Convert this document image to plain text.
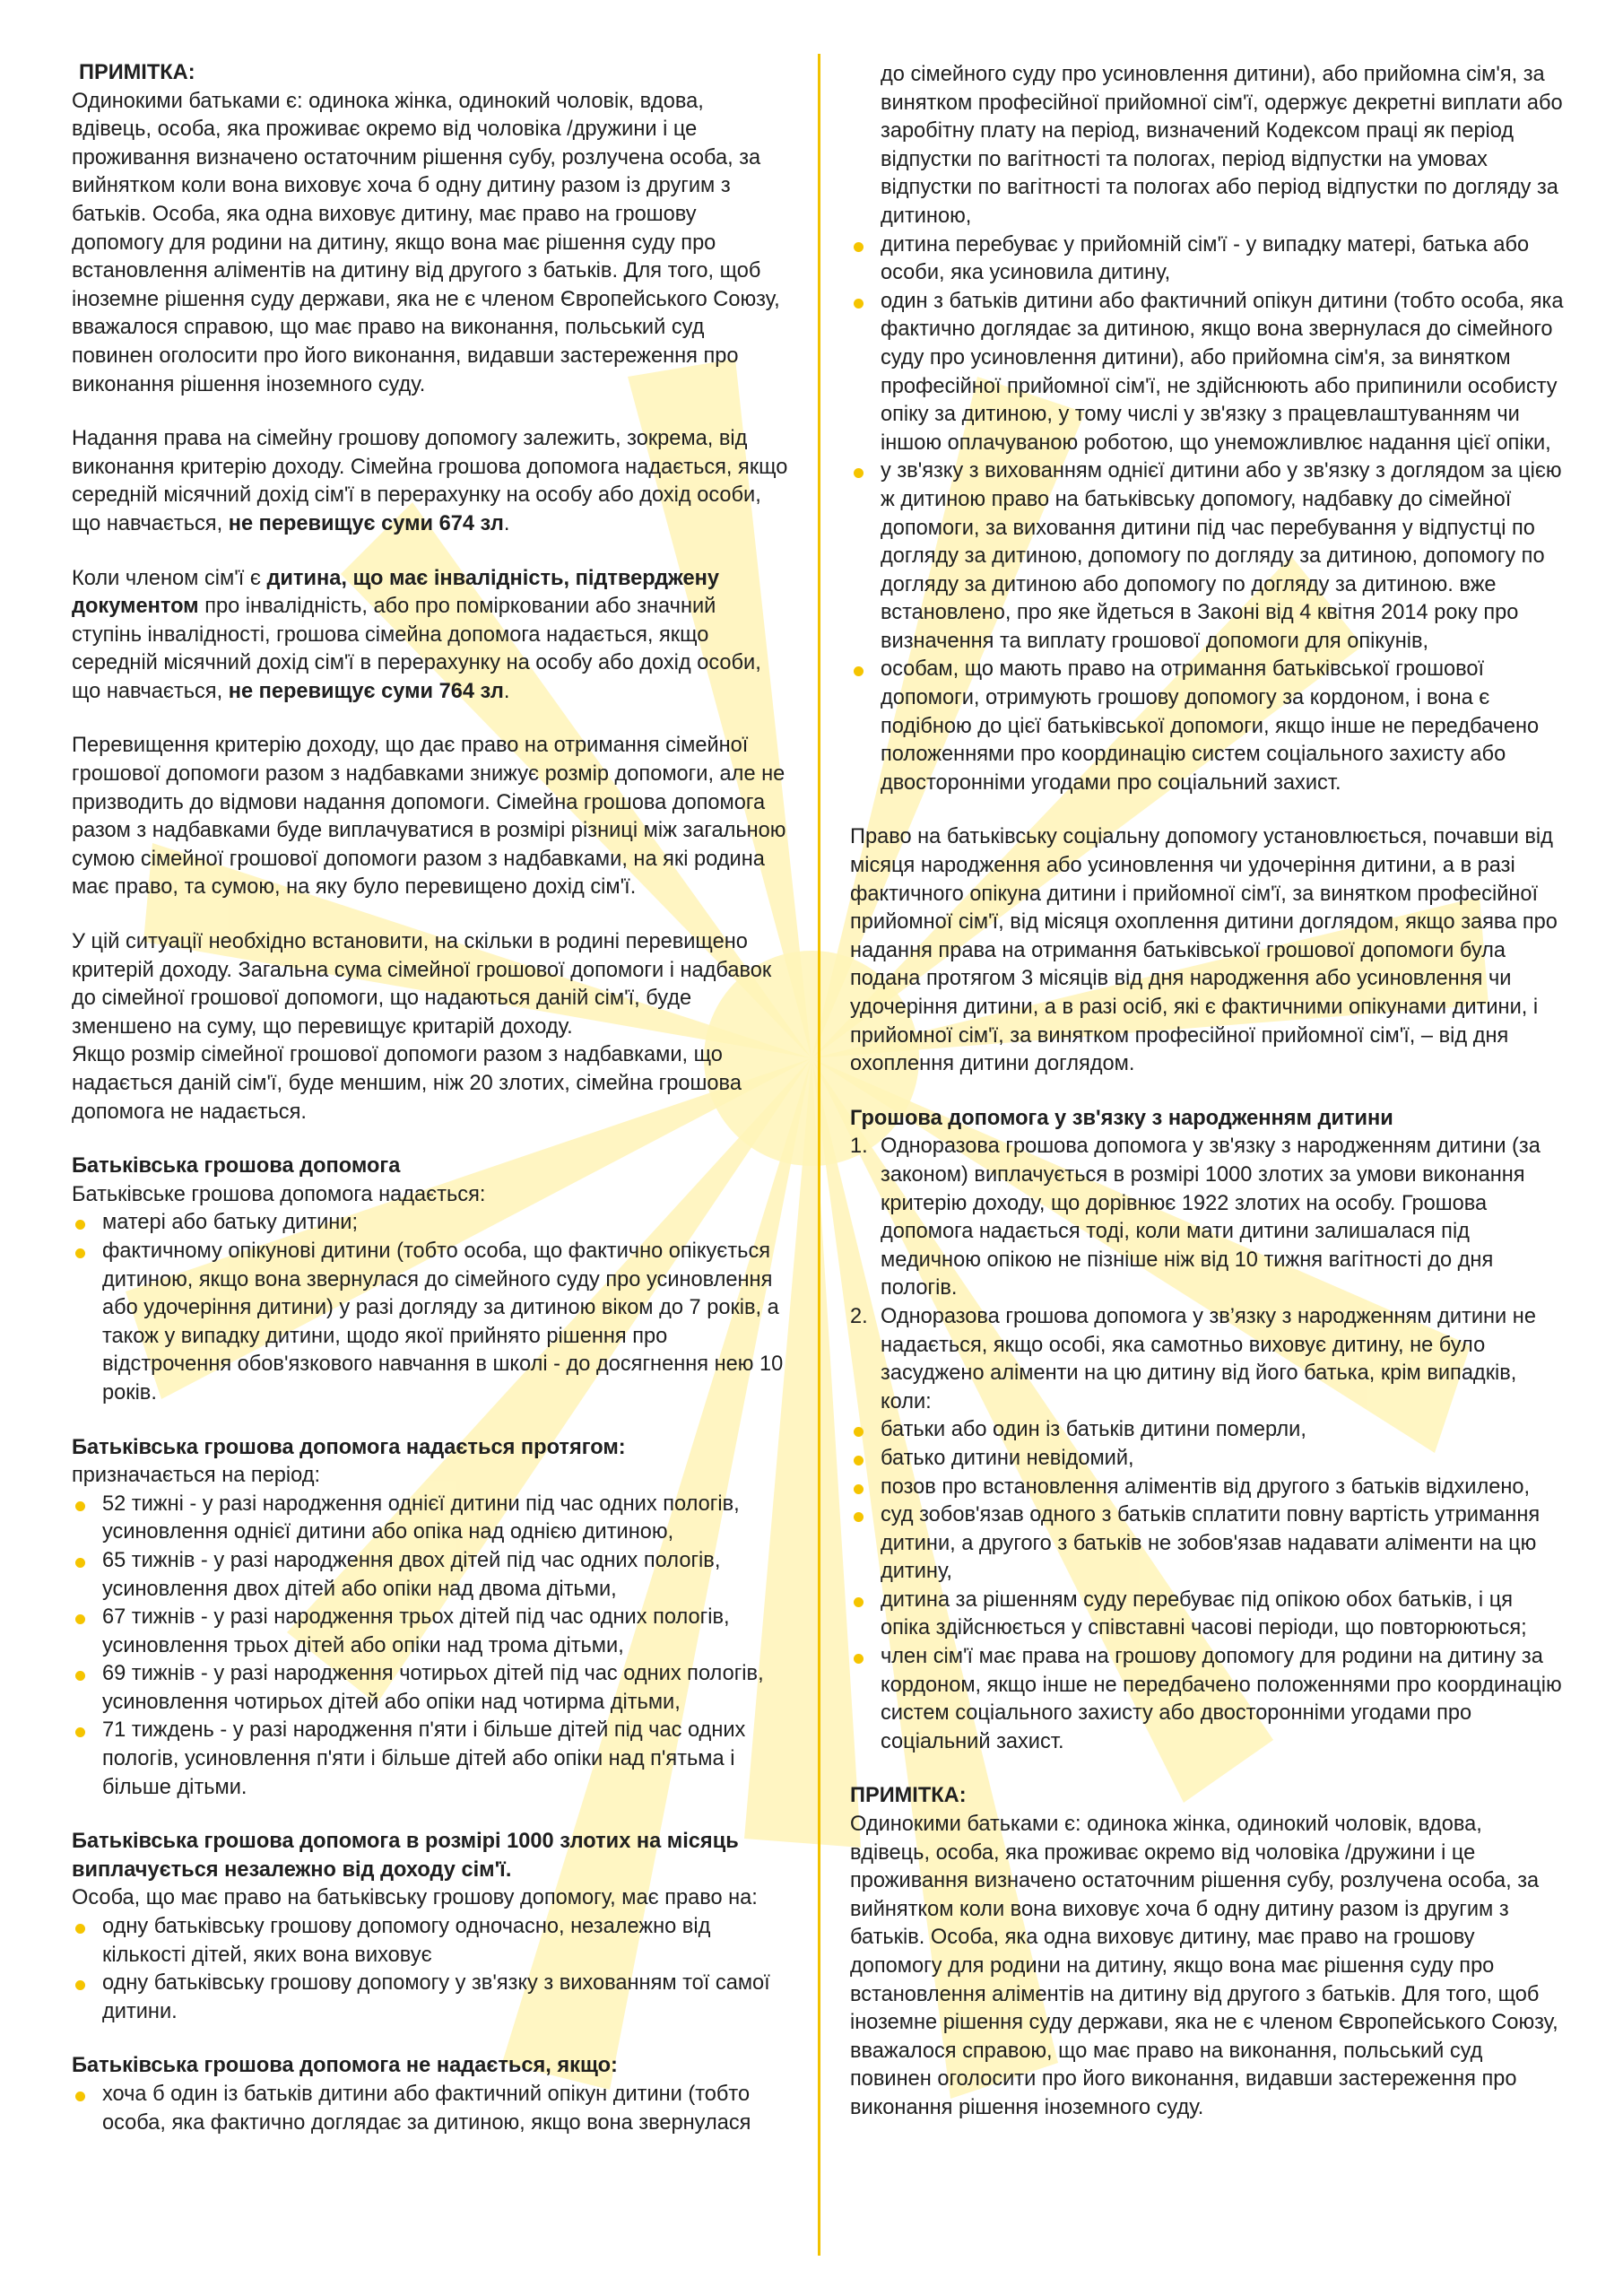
ПРИМІТКА:

Одинокими батьками є: одинока жінка, одинокий чоловік, вдова, вдівець, особа, яка проживає окремо від чоловіка /дружини і це проживання визначено остаточним рішення субу, розлучена особа, за вийнятком коли вона виховує хоча б одну дитину разом із другим з батьків. Особа, яка одна виховує дитину, має право на грошову допомогу для родини на дитину, якщо вона має рішення суду про встановлення аліментів на дитину від другого з батьків. Для того, щоб іноземне рішення суду держави, яка не є членом Європейського Союзу, вважалося справою, що має право на виконання, польський суд повинен оголосити про його виконання, видавши застереження про виконання рішення іноземного суду.

Надання права на сімейну грошову допомогу залежить, зокрема, від виконання критерію доходу. Сімейна грошова допомога надається, якщо середній місячний дохід сім'ї в перерахунку на особу або дохід особи, що навчається, не перевищує суми 674 зл.

Коли членом сім'ї є дитина, що має інвалідність, підтверджену документом про інвалідність, або про помірковании або значний ступінь інвалідності, грошова сімейна допомога надається, якщо середній місячний дохід сім'ї в перерахунку на особу або дохід особи, що навчається, не перевищує суми 764 зл.

Перевищення критерію доходу, що дає право на отримання сімейної грошової допомоги разом з надбавками знижує розмір допомоги, але не призводить до відмови надання допомоги. Сімейна грошова допомога разом з надбавками буде виплачуватися в розмірі різниці між загальною сумою сімейної грошової допомоги разом з надбавками, на які родина має право, та сумою, на яку було перевищено дохід сім'ї.

У цій ситуації необхідно встановити, на скільки в родині перевищено критерій доходу. Загальна сума сімейної грошової допомоги і надбавок до сімейної грошової допомоги, що надаються даній сім'ї, буде зменшено на суму, що перевищує критарій доходу.

Якщо розмір сімейної грошової допомоги разом з надбавками, що надається даній сім'ї, буде меншим, ніж 20 злотих, сімейна грошова допомога не надається.

Батьківська грошова допомога
Батьківське грошова допомога надається:
матері або батьку дитини;
фактичному опікунові дитини (тобто особа, що фактично опікується дитиною, якщо вона звернулася до сімейного суду про усиновлення або удочеріння дитини) у разі догляду за дитиною віком до 7 років, а також у випадку дитини, щодо якої прийнято рішення про відстрочення обов'язкового навчання в школі - до досягнення нею 10 років.
Батьківська грошова допомога надається протягом:
призначається на період:
52 тижні - у разі народження однієї дитини під час одних пологів, усиновлення однієї дитини або опіка над однією дитиною,
65 тижнів - у разі народження двох дітей під час одних пологів, усиновлення двох дітей або опіки над двома дітьми,
67 тижнів - у разі народження трьох дітей під час одних пологів, усиновлення трьох дітей або опіки над трома дітьми,
69 тижнів - у разі народження чотирьох дітей під час одних пологів, усиновлення чотирьох дітей або опіки над чотирма дітьми,
71 тиждень - у разі народження п'яти і більше дітей під час одних пологів, усиновлення п'яти і більше дітей або опіки над п'ятьма і більше дітьми.
Батьківська грошова допомога в розмірі 1000 злотих на місяць виплачується незалежно від доходу сім'ї.
Особа, що має право на батьківську грошову допомогу, має право на:
одну батьківську грошову допомогу одночасно, незалежно від кількості дітей, яких вона виховує
одну батьківську грошову допомогу у зв'язку з вихованням тої самої дитини.
Батьківська грошова допомога не надається, якщо:
хоча б один із батьків дитини або фактичний опікун дитини (тобто особа, яка фактично доглядає за дитиною, якщо вона звернулася
до сімейного суду про усиновлення дитини), або прийомна сім'я, за винятком професійної прийомної сім'ї, одержує декретні виплати або заробітну плату на період, визначений Кодексом праці як період відпустки по вагітності та пологах, період відпустки на умовах відпустки по вагітності та пологах або період відпустки по догляду за дитиною,
дитина перебуває у прийомній сім'ї - у випадку матері, батька або особи, яка усиновила дитину,
один з батьків дитини або фактичний опікун дитини (тобто особа, яка фактично доглядає за дитиною, якщо вона звернулася до сімейного суду про усиновлення дитини), або прийомна сім'я, за винятком професійної прийомної сім'ї, не здійснюють або припинили особисту опіку за дитиною, у тому числі у зв'язку з працевлаштуванням чи іншою оплачуваною роботою, що унеможливлює надання цієї опіки,
у зв'язку з вихованням однієї дитини або у зв'язку з доглядом за цією ж дитиною право на батьківську допомогу, надбавку до сімейної допомоги, за виховання дитини під час перебування у відпустці по догляду за дитиною, допомогу по догляду за дитиною, допомогу по догляду за дитиною або допомогу по догляду за дитиною. вже встановлено, про яке йдеться в Законі від 4 квітня 2014 року про визначення та виплату грошової допомоги для опікунів,
особам, що мають право на отримання батьківської грошової допомоги, отримують грошову допомогу за кордоном, і вона є подібною до цієї батьківської допомоги, якщо інше не передбачено положеннями про координацію систем соціального захисту або двосторонніми угодами про соціальний захист.

Право на батьківську соціальну допомогу установлюється, почавши від місяця народження або усиновлення чи удочеріння дитини, а в разі фактичного опікуна дитини і прийомної сім'ї, за винятком професійної прийомної сім'ї, від місяця охоплення дитини доглядом, якщо заява про надання права на отримання батьківської грошової допомоги була подана протягом 3 місяців від дня народження або усиновлення чи удочеріння дитини, а в разі осіб, які є фактичними опікунами дитини, і прийомної сім'ї, за винятком професійної прийомної сім'ї, – від дня охоплення дитини доглядом.

Грошова допомога у зв'язку з народженням дитини
1. Одноразова грошова допомога у зв'язку з народженням дитини (за законом) виплачується в розмірі 1000 злотих за умови виконання критерію доходу, що дорівнює 1922 злотих на особу. Грошова допомога надається тоді, коли мати дитини залишалася під медичною опікою не пізніше ніж від 10 тижня вагітності до дня пологів.
2. Одноразова грошова допомога у зв’язку з народженням дитини не надається, якщо особі, яка самотньо виховує дитину, не було засуджено аліменти на цю дитину від його батька, крім випадків, коли:
батьки або один із батьків дитини померли,
батько дитини невідомий,
позов про встановлення аліментів від другого з батьків відхилено,
суд зобов'язав одного з батьків сплатити повну вартість утримання дитини, а другого з батьків не зобов'язав надавати аліменти на цю дитину,
дитина за рішенням суду перебуває під опікою обох батьків, і ця опіка здійснюється у співставні часові періоди, що повторюються;
член сім'ї має права на грошову допомогу для родини на дитину за кордоном, якщо інше не передбачено положеннями про координацію систем соціального захисту або двосторонніми угодами про соціальний захист.
ПРИМІТКА:

Одинокими батьками є: одинока жінка, одинокий чоловік, вдова, вдівець, особа, яка проживає окремо від чоловіка /дружини і це проживання визначено остаточним рішення субу, розлучена особа, за вийнятком коли вона виховує хоча б одну дитину разом із другим з батьків. Особа, яка одна виховує дитину, має право на грошову допомогу для родини на дитину, якщо вона має рішення суду про встановлення аліментів на дитину від другого з батьків. Для того, щоб іноземне рішення суду держави, яка не є членом Європейського Союзу, вважалося справою, що має право на виконання, польський суд повинен оголосити про його виконання, видавши застереження про виконання рішення іноземного суду.
